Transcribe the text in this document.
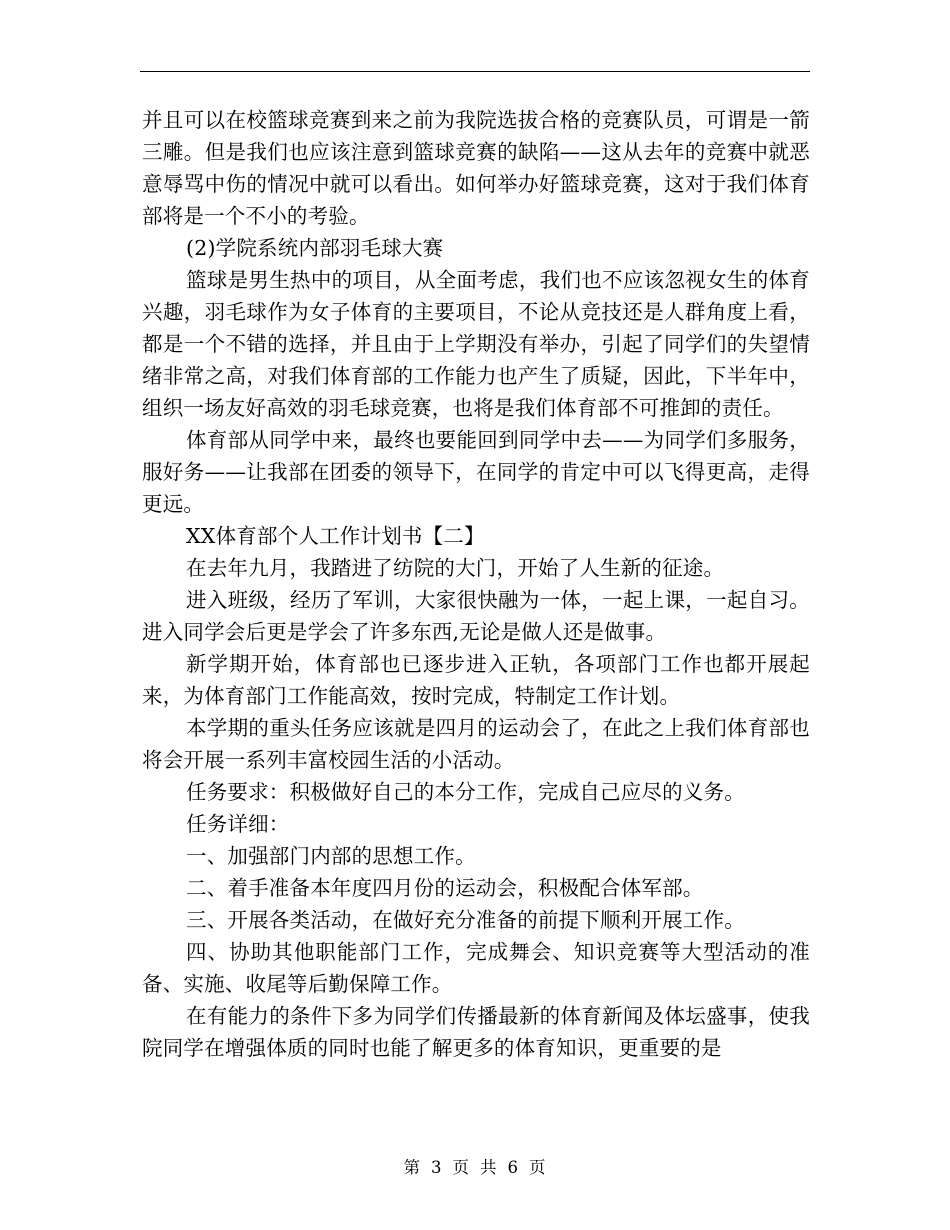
并且可以在校篮球竞赛到来之前为我院选拔合格的竞赛队员，可谓是一箭三雕。但是我们也应该注意到篮球竞赛的缺陷——这从去年的竞赛中就恶意辱骂中伤的情况中就可以看出。如何举办好篮球竞赛，这对于我们体育部将是一个不小的考验。

(2)学院系统内部羽毛球大赛

篮球是男生热中的项目，从全面考虑，我们也不应该忽视女生的体育兴趣，羽毛球作为女子体育的主要项目，不论从竞技还是人群角度上看，都是一个不错的选择，并且由于上学期没有举办，引起了同学们的失望情绪非常之高，对我们体育部的工作能力也产生了质疑，因此，下半年中，组织一场友好高效的羽毛球竞赛，也将是我们体育部不可推卸的责任。

体育部从同学中来，最终也要能回到同学中去——为同学们多服务，服好务——让我部在团委的领导下，在同学的肯定中可以飞得更高，走得更远。

XX体育部个人工作计划书【二】

在去年九月，我踏进了纺院的大门，开始了人生新的征途。

进入班级，经历了军训，大家很快融为一体，一起上课，一起自习。进入同学会后更是学会了许多东西,无论是做人还是做事。

新学期开始，体育部也已逐步进入正轨，各项部门工作也都开展起来，为体育部门工作能高效，按时完成，特制定工作计划。

本学期的重头任务应该就是四月的运动会了，在此之上我们体育部也将会开展一系列丰富校园生活的小活动。

任务要求：积极做好自己的本分工作，完成自己应尽的义务。

任务详细：

一、加强部门内部的思想工作。

二、着手准备本年度四月份的运动会，积极配合体军部。

三、开展各类活动，在做好充分准备的前提下顺利开展工作。

四、协助其他职能部门工作，完成舞会、知识竞赛等大型活动的准备、实施、收尾等后勤保障工作。

在有能力的条件下多为同学们传播最新的体育新闻及体坛盛事，使我院同学在增强体质的同时也能了解更多的体育知识，更重要的是

第 3 页 共 6 页
